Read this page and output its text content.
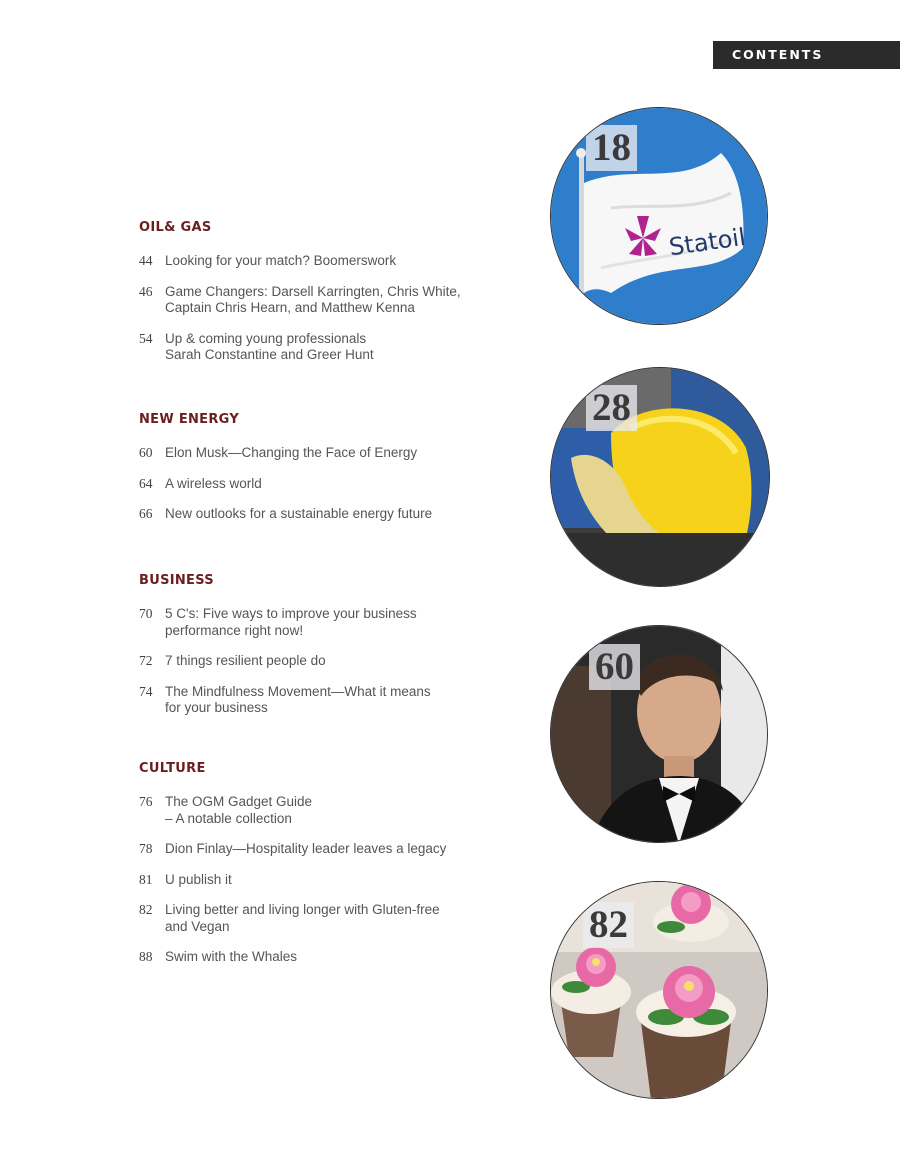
CONTENTS
OIL& GAS
44 Looking for your match? Boomerswork
46 Game Changers: Darsell Karringten, Chris White,
Captain Chris Hearn, and Matthew Kenna
54 Up & coming young professionals
Sarah Constantine and Greer Hunt
NEW ENERGY
60 Elon Musk—Changing the Face of Energy
64 A wireless world
66 New outlooks for a sustainable energy future
BUSINESS
70 5 C's: Five ways to improve your business
performance right now!
72 7 things resilient people do
74 The Mindfulness Movement—What it means
for your business
CULTURE
76 The OGM Gadget Guide
– A notable collection
78 Dion Finlay—Hospitality leader leaves a legacy
81 U publish it
82 Living better and living longer with Gluten-free
and Vegan
88 Swim with the Whales
Statoil
18
28
60
82
